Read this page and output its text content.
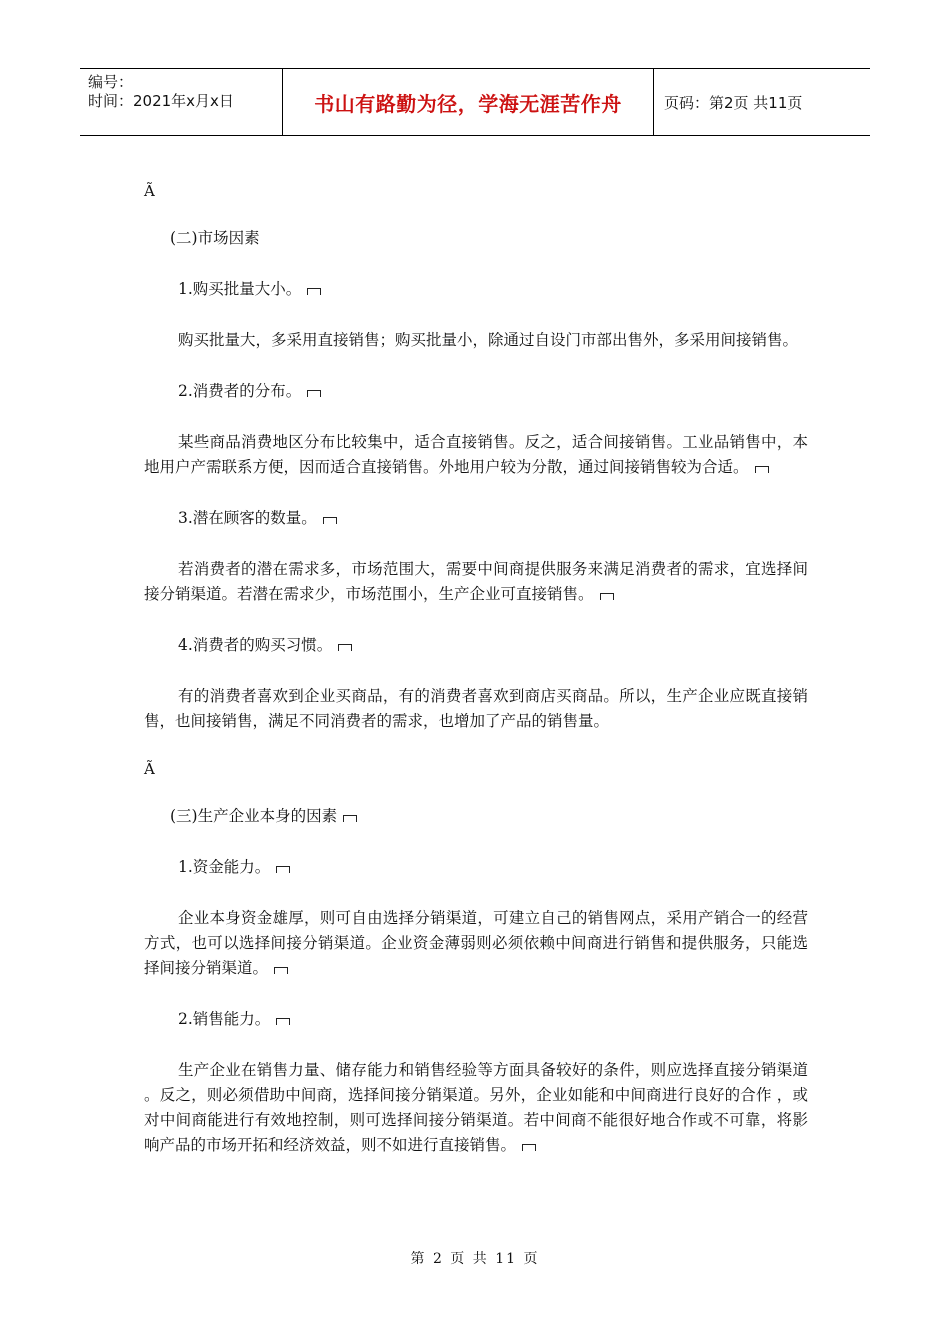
编号：
时间：2021年x月x日	书山有路勤为径，学海无涯苦作舟	页码：第2页 共11页

Ã

(二)市场因素

1.购买批量大小。

购买批量大，多采用直接销售；购买批量小，除通过自设门市部出售外，多采用间接销售。

2.消费者的分布。

某些商品消费地区分布比较集中，适合直接销售。反之，适合间接销售。工业品销售中，本 地用户产需联系方便，因而适合直接销售。外地用户较为分散，通过间接销售较为合适。

3.潜在顾客的数量。

若消费者的潜在需求多，市场范围大，需要中间商提供服务来满足消费者的需求，宜选择间接分销渠道。若潜在需求少，市场范围小，生产企业可直接销售。

4.消费者的购买习惯。

有的消费者喜欢到企业买商品，有的消费者喜欢到商店买商品。所以，生产企业应既直接销售，也间接销售，满足不同消费者的需求，也增加了产品的销售量。

Ã

(三)生产企业本身的因素

1.资金能力。

企业本身资金雄厚，则可自由选择分销渠道，可建立自己的销售网点，采用产销合一的经营方式，也可以选择间接分销渠道。企业资金薄弱则必须依赖中间商进行销售和提供服务，只能选择间接分销渠道。

2.销售能力。

生产企业在销售力量、储存能力和销售经验等方面具备较好的条件，则应选择直接分销渠道 。反之，则必须借助中间商，选择间接分销渠道。另外，企业如能和中间商进行良好的合作 ，或对中间商能进行有效地控制，则可选择间接分销渠道。若中间商不能很好地合作或不可靠，将影响产品的市场开拓和经济效益，则不如进行直接销售。

第 2 页 共 11 页
